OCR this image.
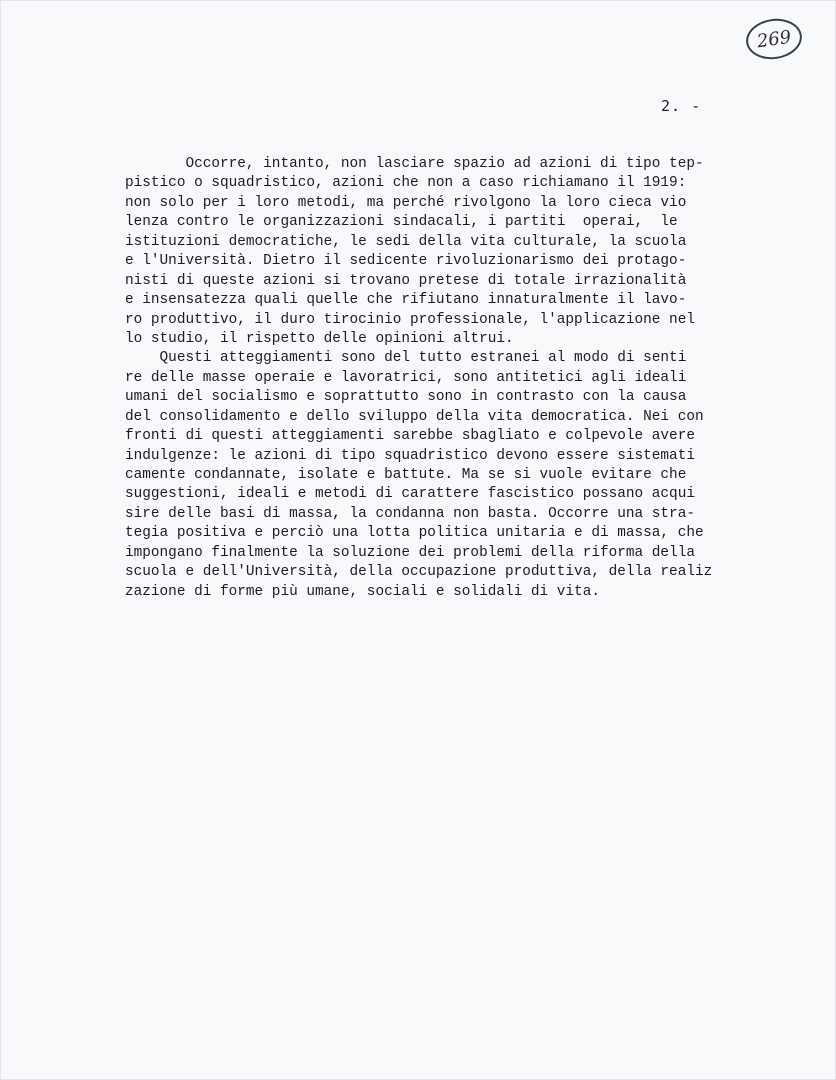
269
2. -
Occorre, intanto, non lasciare spazio ad azioni di tipo tep-
pistico o squadristico, azioni che non a caso richiamano il 1919:
non solo per i loro metodi, ma perché rivolgono la loro cieca vio
lenza contro le organizzazioni sindacali, i partiti  operai,  le
istituzioni democratiche, le sedi della vita culturale, la scuola
e l'Università. Dietro il sedicente rivoluzionarismo dei protago-
nisti di queste azioni si trovano pretese di totale irrazionalità
e insensatezza quali quelle che rifiutano innaturalmente il lavo-
ro produttivo, il duro tirocinio professionale, l'applicazione nel
lo studio, il rispetto delle opinioni altrui.
Questi atteggiamenti sono del tutto estranei al modo di senti
re delle masse operaie e lavoratrici, sono antitetici agli ideali
umani del socialismo e soprattutto sono in contrasto con la causa
del consolidamento e dello sviluppo della vita democratica. Nei con
fronti di questi atteggiamenti sarebbe sbagliato e colpevole avere
indulgenze: le azioni di tipo squadristico devono essere sistemati
camente condannate, isolate e battute. Ma se si vuole evitare che
suggestioni, ideali e metodi di carattere fascistico possano acqui
sire delle basi di massa, la condanna non basta. Occorre una stra-
tegia positiva e perciò una lotta politica unitaria e di massa, che
impongano finalmente la soluzione dei problemi della riforma della
scuola e dell'Università, della occupazione produttiva, della realiz
zazione di forme più umane, sociali e solidali di vita.
